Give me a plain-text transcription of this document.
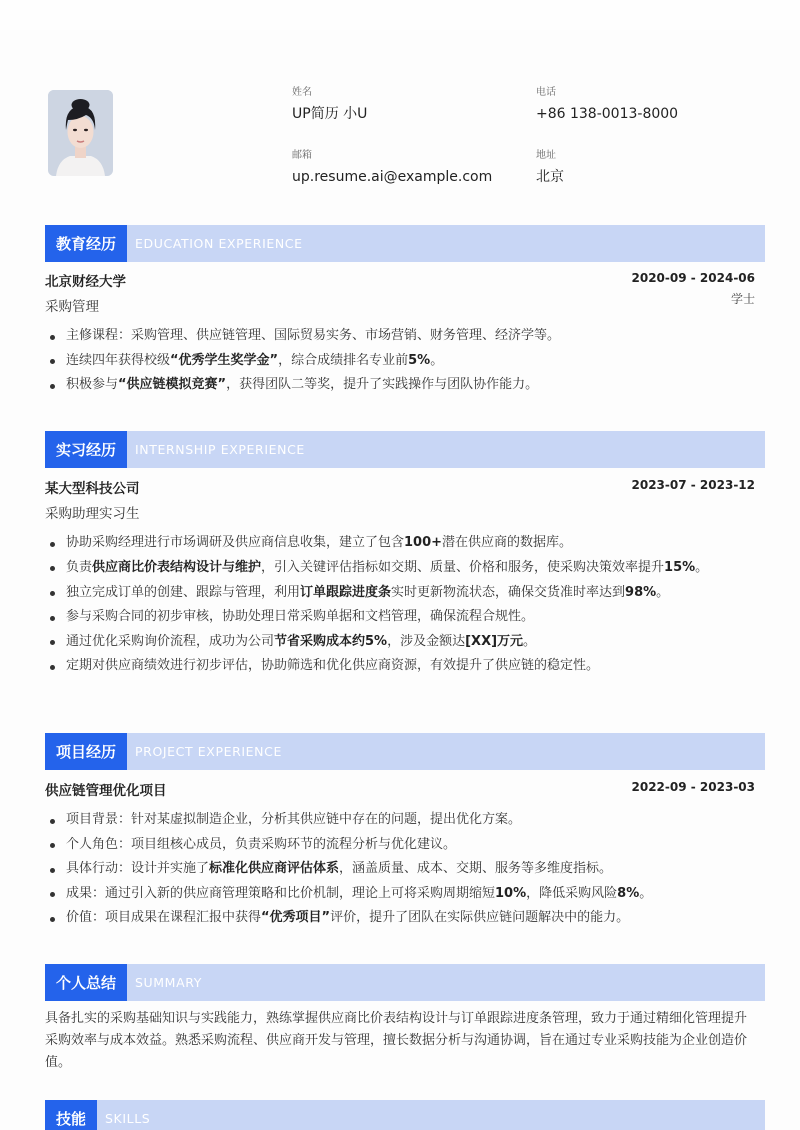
姓名
UP简历 小U
电话
+86 138-0013-8000
邮箱
up.resume.ai@example.com
地址
北京
教育经历	EDUCATION EXPERIENCE
北京财经大学	2020-09 - 2024-06
采购管理	学士
主修课程：采购管理、供应链管理、国际贸易实务、市场营销、财务管理、经济学等。
连续四年获得校级“优秀学生奖学金”，综合成绩排名专业前5%。
积极参与“供应链模拟竞赛”，获得团队二等奖，提升了实践操作与团队协作能力。
实习经历	INTERNSHIP EXPERIENCE
某大型科技公司	2023-07 - 2023-12
采购助理实习生
协助采购经理进行市场调研及供应商信息收集，建立了包含100+潜在供应商的数据库。
负责供应商比价表结构设计与维护，引入关键评估指标如交期、质量、价格和服务，使采购决策效率提升15%。
独立完成订单的创建、跟踪与管理，利用订单跟踪进度条实时更新物流状态，确保交货准时率达到98%。
参与采购合同的初步审核，协助处理日常采购单据和文档管理，确保流程合规性。
通过优化采购询价流程，成功为公司节省采购成本约5%，涉及金额达[XX]万元。
定期对供应商绩效进行初步评估，协助筛选和优化供应商资源，有效提升了供应链的稳定性。
项目经历	PROJECT EXPERIENCE
供应链管理优化项目	2022-09 - 2023-03
项目背景：针对某虚拟制造企业，分析其供应链中存在的问题，提出优化方案。
个人角色：项目组核心成员，负责采购环节的流程分析与优化建议。
具体行动：设计并实施了标准化供应商评估体系，涵盖质量、成本、交期、服务等多维度指标。
成果：通过引入新的供应商管理策略和比价机制，理论上可将采购周期缩短10%，降低采购风险8%。
价值：项目成果在课程汇报中获得“优秀项目”评价，提升了团队在实际供应链问题解决中的能力。
个人总结	SUMMARY
具备扎实的采购基础知识与实践能力，熟练掌握供应商比价表结构设计与订单跟踪进度条管理，致力于通过精细化管理提升采购效率与成本效益。熟悉采购流程、供应商开发与管理，擅长数据分析与沟通协调，旨在通过专业采购技能为企业创造价值。
技能	SKILLS
